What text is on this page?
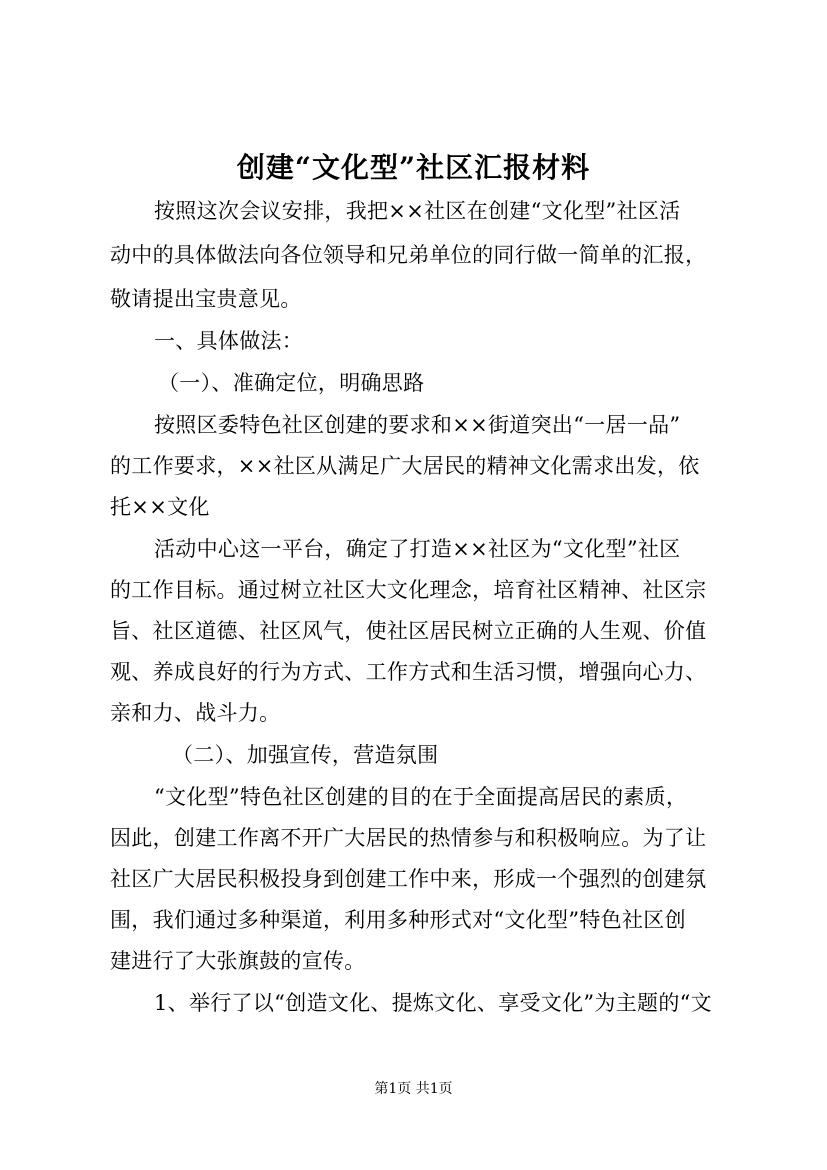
创建“文化型”社区汇报材料
按照这次会议安排，我把××社区在创建“文化型”社区活
动中的具体做法向各位领导和兄弟单位的同行做一简单的汇报，
敬请提出宝贵意见。
一、具体做法：
（一）、准确定位，明确思路
按照区委特色社区创建的要求和××街道突出“一居一品”
的工作要求，××社区从满足广大居民的精神文化需求出发，依
托××文化
活动中心这一平台，确定了打造××社区为“文化型”社区
的工作目标。通过树立社区大文化理念，培育社区精神、社区宗
旨、社区道德、社区风气，使社区居民树立正确的人生观、价值
观、养成良好的行为方式、工作方式和生活习惯，增强向心力、
亲和力、战斗力。
（二）、加强宣传，营造氛围
“文化型”特色社区创建的目的在于全面提高居民的素质，
因此，创建工作离不开广大居民的热情参与和积极响应。为了让
社区广大居民积极投身到创建工作中来，形成一个强烈的创建氛
围，我们通过多种渠道，利用多种形式对“文化型”特色社区创
建进行了大张旗鼓的宣传。
1、举行了以“创造文化、提炼文化、享受文化”为主题的“文
第1页 共1页
